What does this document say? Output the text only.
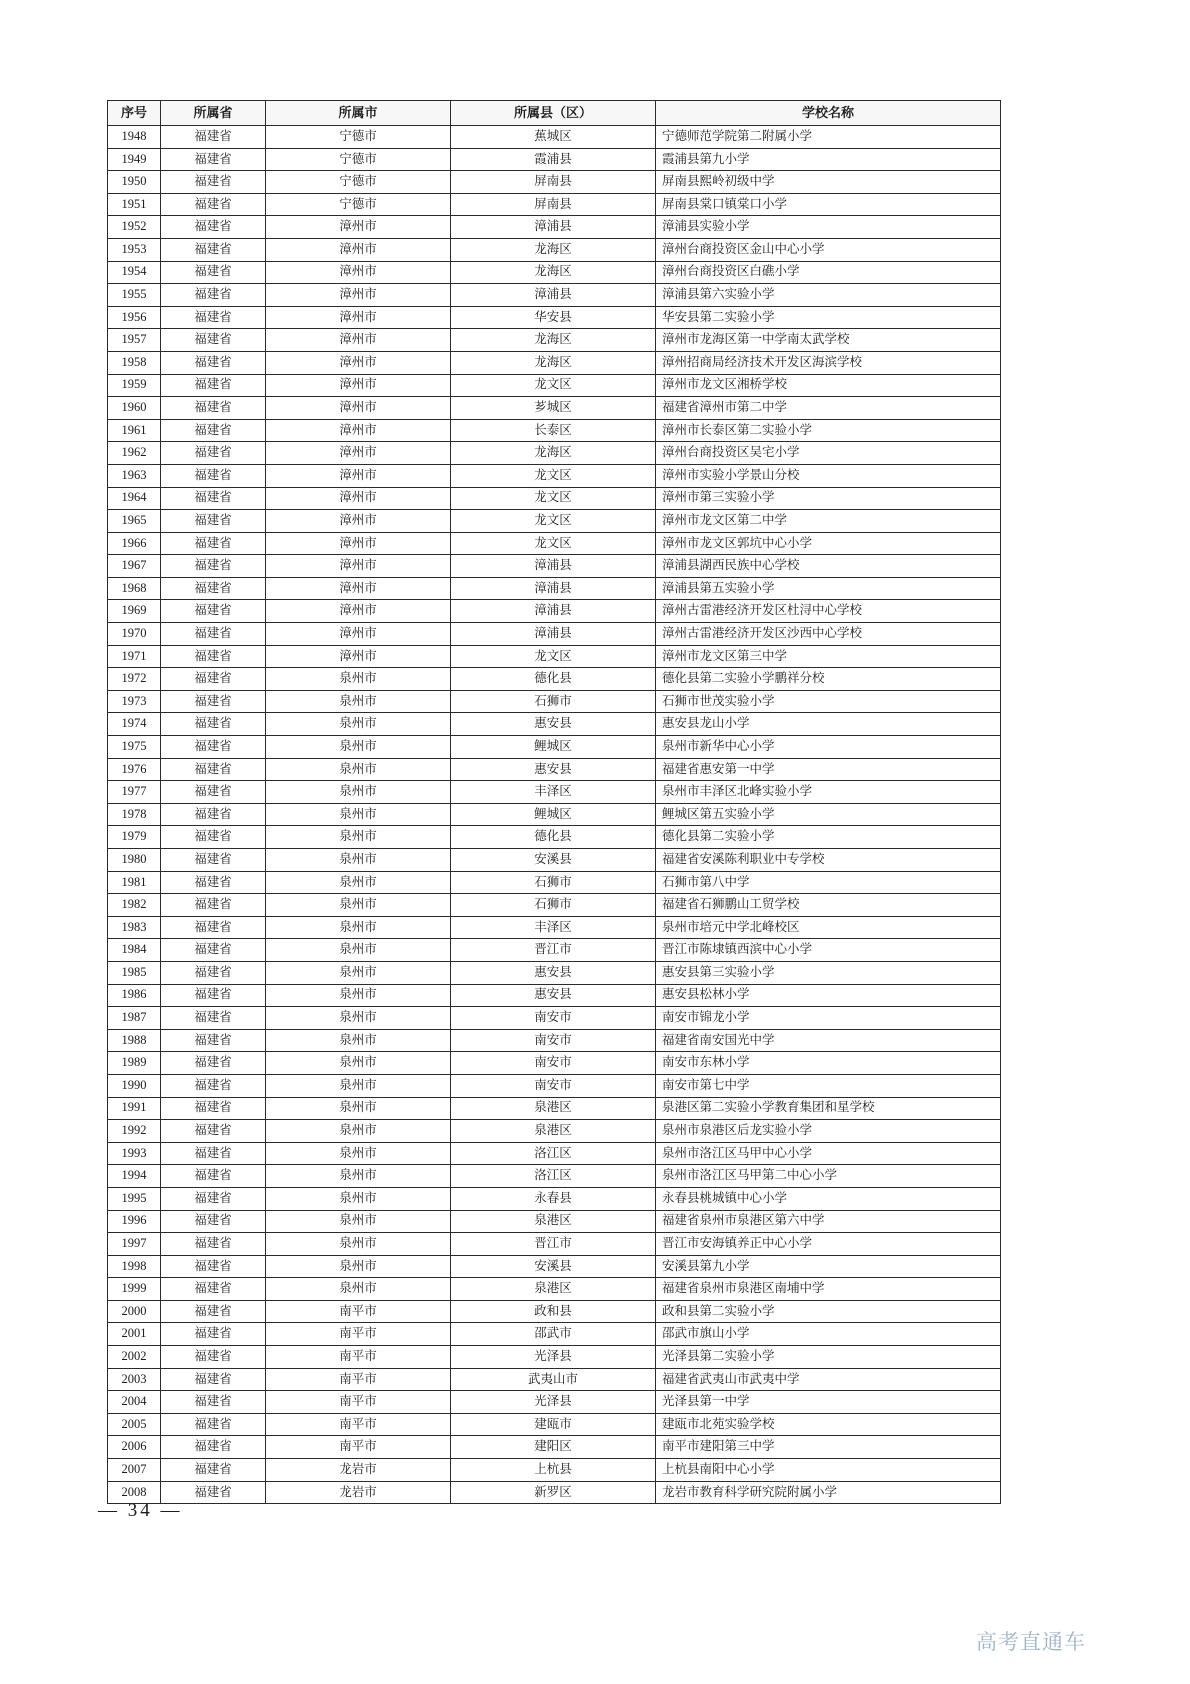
序号	所属省	所属市	所属县（区）	学校名称
1948	福建省	宁德市	蕉城区	宁德师范学院第二附属小学
1949	福建省	宁德市	霞浦县	霞浦县第九小学
1950	福建省	宁德市	屏南县	屏南县熙岭初级中学
1951	福建省	宁德市	屏南县	屏南县棠口镇棠口小学
1952	福建省	漳州市	漳浦县	漳浦县实验小学
1953	福建省	漳州市	龙海区	漳州台商投资区金山中心小学
1954	福建省	漳州市	龙海区	漳州台商投资区白礁小学
1955	福建省	漳州市	漳浦县	漳浦县第六实验小学
1956	福建省	漳州市	华安县	华安县第二实验小学
1957	福建省	漳州市	龙海区	漳州市龙海区第一中学南太武学校
1958	福建省	漳州市	龙海区	漳州招商局经济技术开发区海滨学校
1959	福建省	漳州市	龙文区	漳州市龙文区湘桥学校
1960	福建省	漳州市	芗城区	福建省漳州市第二中学
1961	福建省	漳州市	长泰区	漳州市长泰区第二实验小学
1962	福建省	漳州市	龙海区	漳州台商投资区吴宅小学
1963	福建省	漳州市	龙文区	漳州市实验小学景山分校
1964	福建省	漳州市	龙文区	漳州市第三实验小学
1965	福建省	漳州市	龙文区	漳州市龙文区第二中学
1966	福建省	漳州市	龙文区	漳州市龙文区郭坑中心小学
1967	福建省	漳州市	漳浦县	漳浦县湖西民族中心学校
1968	福建省	漳州市	漳浦县	漳浦县第五实验小学
1969	福建省	漳州市	漳浦县	漳州古雷港经济开发区杜浔中心学校
1970	福建省	漳州市	漳浦县	漳州古雷港经济开发区沙西中心学校
1971	福建省	漳州市	龙文区	漳州市龙文区第三中学
1972	福建省	泉州市	德化县	德化县第二实验小学鹏祥分校
1973	福建省	泉州市	石狮市	石狮市世茂实验小学
1974	福建省	泉州市	惠安县	惠安县龙山小学
1975	福建省	泉州市	鲤城区	泉州市新华中心小学
1976	福建省	泉州市	惠安县	福建省惠安第一中学
1977	福建省	泉州市	丰泽区	泉州市丰泽区北峰实验小学
1978	福建省	泉州市	鲤城区	鲤城区第五实验小学
1979	福建省	泉州市	德化县	德化县第二实验小学
1980	福建省	泉州市	安溪县	福建省安溪陈利职业中专学校
1981	福建省	泉州市	石狮市	石狮市第八中学
1982	福建省	泉州市	石狮市	福建省石狮鹏山工贸学校
1983	福建省	泉州市	丰泽区	泉州市培元中学北峰校区
1984	福建省	泉州市	晋江市	晋江市陈埭镇西滨中心小学
1985	福建省	泉州市	惠安县	惠安县第三实验小学
1986	福建省	泉州市	惠安县	惠安县松林小学
1987	福建省	泉州市	南安市	南安市锦龙小学
1988	福建省	泉州市	南安市	福建省南安国光中学
1989	福建省	泉州市	南安市	南安市东林小学
1990	福建省	泉州市	南安市	南安市第七中学
1991	福建省	泉州市	泉港区	泉港区第二实验小学教育集团和星学校
1992	福建省	泉州市	泉港区	泉州市泉港区后龙实验小学
1993	福建省	泉州市	洛江区	泉州市洛江区马甲中心小学
1994	福建省	泉州市	洛江区	泉州市洛江区马甲第二中心小学
1995	福建省	泉州市	永春县	永春县桃城镇中心小学
1996	福建省	泉州市	泉港区	福建省泉州市泉港区第六中学
1997	福建省	泉州市	晋江市	晋江市安海镇养正中心小学
1998	福建省	泉州市	安溪县	安溪县第九小学
1999	福建省	泉州市	泉港区	福建省泉州市泉港区南埔中学
2000	福建省	南平市	政和县	政和县第二实验小学
2001	福建省	南平市	邵武市	邵武市旗山小学
2002	福建省	南平市	光泽县	光泽县第二实验小学
2003	福建省	南平市	武夷山市	福建省武夷山市武夷中学
2004	福建省	南平市	光泽县	光泽县第一中学
2005	福建省	南平市	建瓯市	建瓯市北苑实验学校
2006	福建省	南平市	建阳区	南平市建阳第三中学
2007	福建省	龙岩市	上杭县	上杭县南阳中心小学
2008	福建省	龙岩市	新罗区	龙岩市教育科学研究院附属小学
— 34 —
高考直通车
